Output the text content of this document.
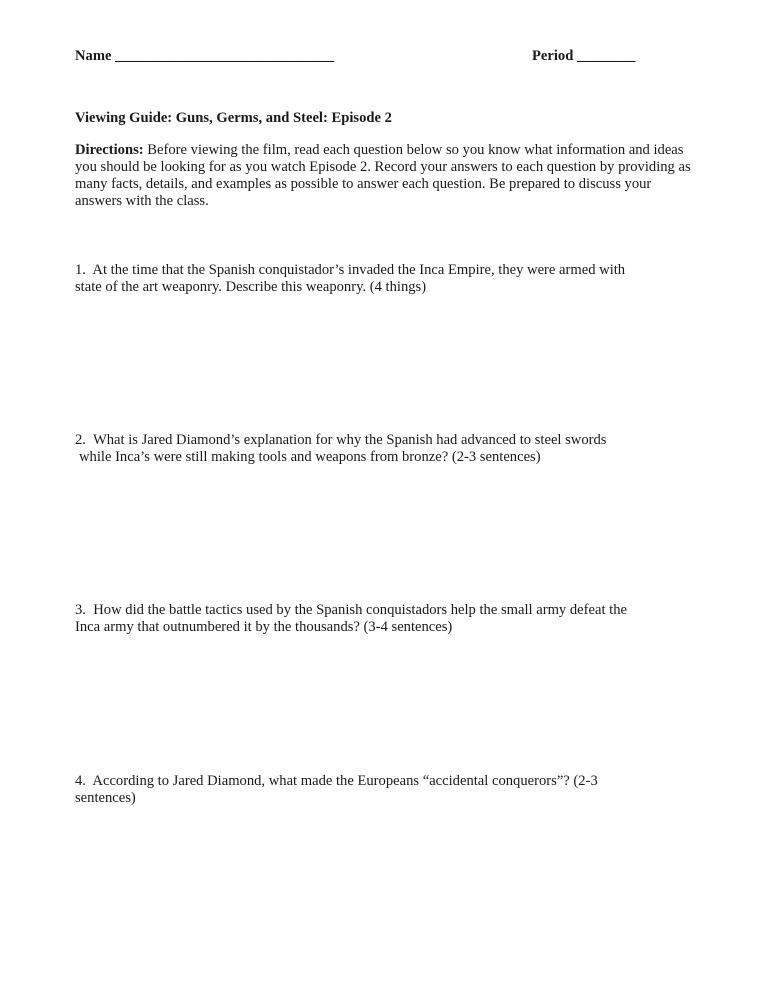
Name ______________________________	Period ________
Viewing Guide: Guns, Germs, and Steel: Episode 2
Directions: Before viewing the film, read each question below so you know what information and ideas you should be looking for as you watch Episode 2. Record your answers to each question by providing as many facts, details, and examples as possible to answer each question. Be prepared to discuss your answers with the class.
1.  At the time that the Spanish conquistador’s invaded the Inca Empire, they were armed with
state of the art weaponry. Describe this weaponry. (4 things)
2.  What is Jared Diamond’s explanation for why the Spanish had advanced to steel swords
while Inca’s were still making tools and weapons from bronze? (2-3 sentences)
3.  How did the battle tactics used by the Spanish conquistadors help the small army defeat the
Inca army that outnumbered it by the thousands? (3-4 sentences)
4.  According to Jared Diamond, what made the Europeans “accidental conquerors”? (2-3
sentences)
